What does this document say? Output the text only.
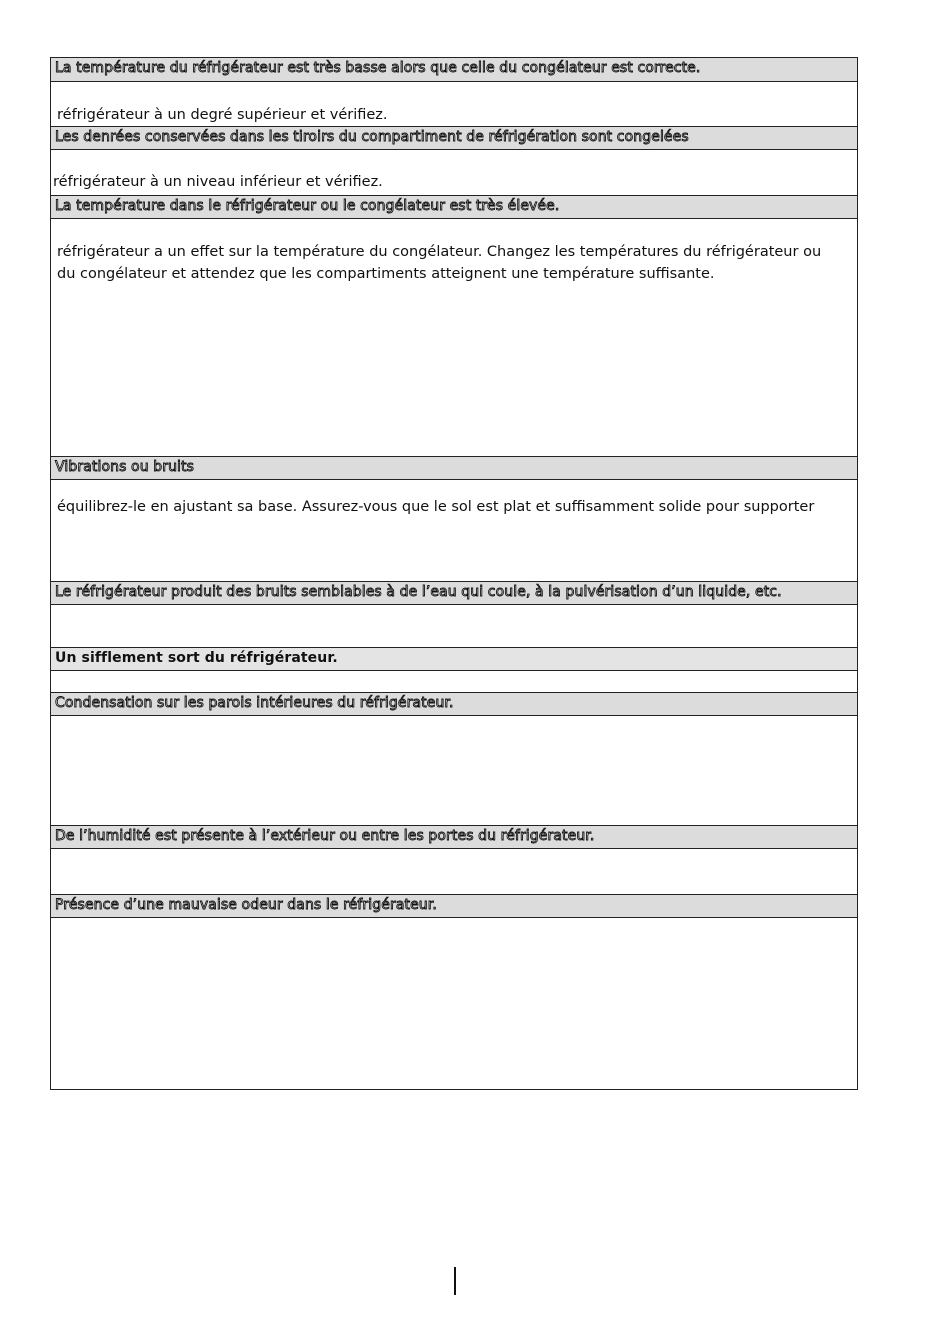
La température du réfrigérateur est très basse alors que celle du congélateur est correcte.
réfrigérateur à un degré supérieur et vérifiez.
Les denrées conservées dans les tiroirs du compartiment de réfrigération sont congelées
réfrigérateur à un niveau inférieur et vérifiez.
La température dans le réfrigérateur ou le congélateur est très élevée.
réfrigérateur a un effet sur la température du congélateur. Changez les températures du réfrigérateur ou
du congélateur et attendez que les compartiments atteignent une température suffisante.
Vibrations ou bruits
équilibrez-le en ajustant sa base. Assurez-vous que le sol est plat et suffisamment solide pour supporter
Le réfrigérateur produit des bruits semblables à de l’eau qui coule, à la pulvérisation d’un liquide, etc.
Un sifflement sort du réfrigérateur.
Condensation sur les parois intérieures du réfrigérateur.
De l’humidité est présente à l’extérieur ou entre les portes du réfrigérateur.
Présence d’une mauvaise odeur dans le réfrigérateur.
